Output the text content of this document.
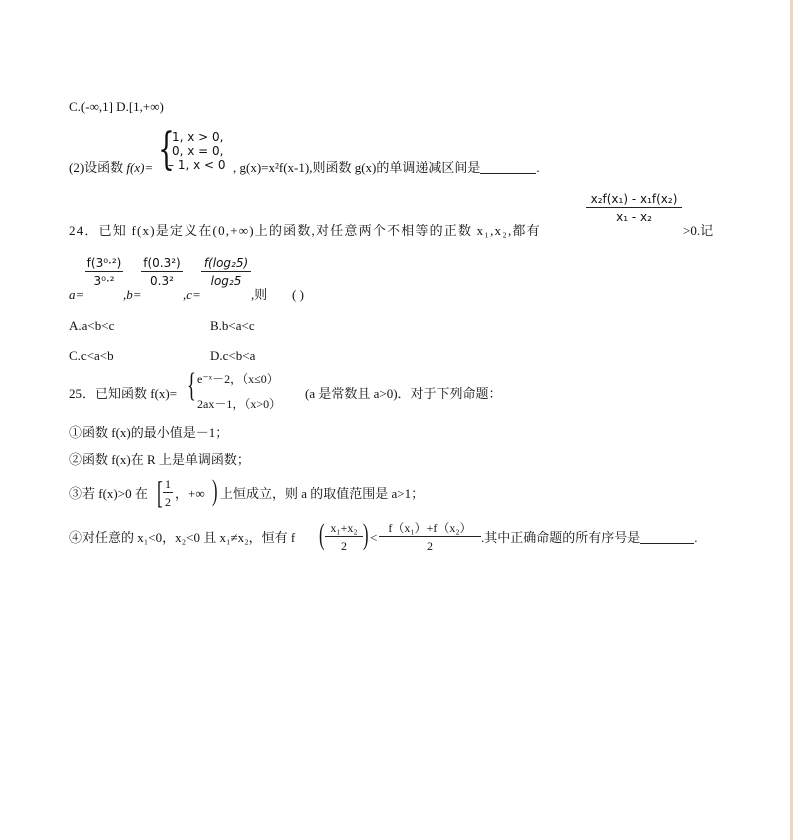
C.(-∞,1] D.[1,+∞)
(2)设函数 f(x)= {
1, x > 0,
0, x = 0,
– 1, x < 0 , g(x)=x²f(x-1),则函数 g(x)的单调递减区间是	.
24．已知 f(x)是定义在(0,+∞)上的函数,对任意两个不相等的正数 x₁,x₂,都有
x₂f(x₁) - x₁f(x₂)
x₁ - x₂
>0.记
a=
f(3⁰·²)
3⁰·²
,b=
f(0.3²)
0.3²
,c=
f(log₂5)
log₂5
,则 ( )
A.a<b<c	B.b<a<c
C.c<a<b	D.c<b<a
25．已知函数 f(x)= { e⁻ˣ－2，（x≤0）
2ax－1，（x>0）
(a 是常数且 a>0)．对于下列命题：
①函数 f(x)的最小值是－1；
②函数 f(x)在 R 上是单调函数；
③若 f(x)>0 在 [ 1
2
，+∞ ) 上恒成立，则 a 的取值范围是 a>1；
④对任意的 x₁<0，x₂<0 且 x₁≠x₂，恒有 f ( x₁+x₂
2 ) <
f（x₁）+f（x₂）
2
.其中正确命题的所有序号是	.
